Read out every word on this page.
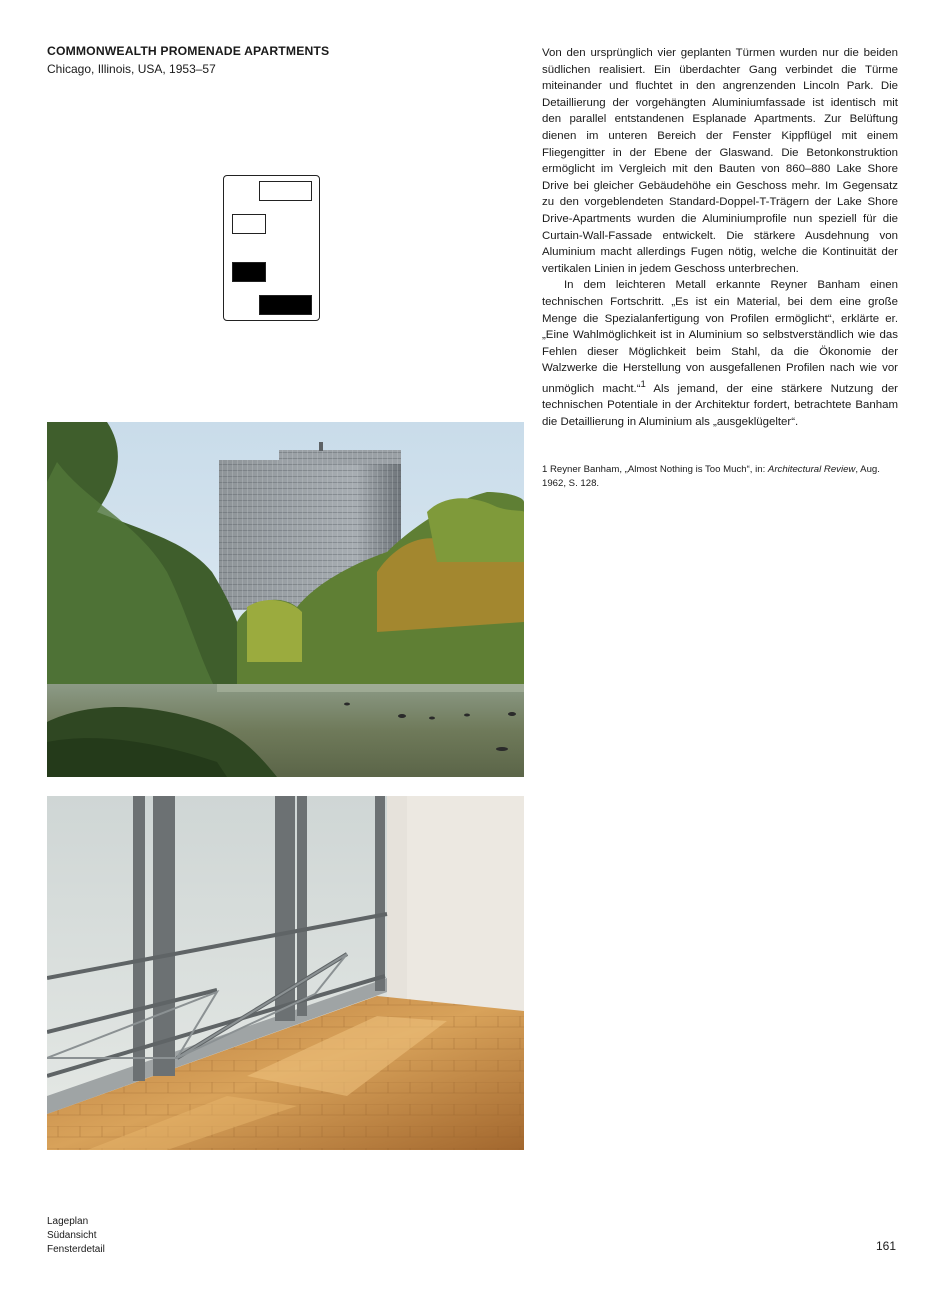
COMMONWEALTH PROMENADE APARTMENTS
Chicago, Illinois, USA, 1953–57

Von den ursprünglich vier geplanten Türmen wurden nur die beiden südlichen realisiert. Ein überdachter Gang verbindet die Türme miteinander und fluchtet in den angrenzenden Lincoln Park. Die Detaillierung der vorgehängten Aluminiumfassade ist identisch mit den parallel entstandenen Esplanade Apartments. Zur Belüftung dienen im unteren Bereich der Fenster Kippflügel mit einem Fliegengitter in der Ebene der Glaswand. Die Betonkonstruktion ermöglicht im Vergleich mit den Bauten von 860–880 Lake Shore Drive bei gleicher Gebäudehöhe ein Geschoss mehr. Im Gegensatz zu den vorgeblendeten Standard-Doppel-T-Trägern der Lake Shore Drive-Apartments wurden die Aluminiumprofile nun speziell für die Curtain-Wall-Fassade entwickelt. Die stärkere Ausdehnung von Aluminium macht allerdings Fugen nötig, welche die Kontinuität der vertikalen Linien in jedem Geschoss unterbrechen.

In dem leichteren Metall erkannte Reyner Banham einen technischen Fortschritt. „Es ist ein Material, bei dem eine große Menge die Spezialanfertigung von Profilen ermöglicht“, erklärte er. „Eine Wahlmöglichkeit ist in Aluminium so selbstverständlich wie das Fehlen dieser Möglichkeit beim Stahl, da die Ökonomie der Walzwerke die Herstellung von ausgefallenen Profilen nach wie vor unmöglich macht.“$^1$ Als jemand, der eine stärkere Nutzung der technischen Potentiale in der Architektur fordert, betrachtete Banham die Detaillierung in Aluminium als „ausgeklügelter“.

1 Reyner Banham, „Almost Nothing is Too Much“, in: Architectural Review, Aug. 1962, S. 128.
Lageplan
Südansicht
Fensterdetail	161
